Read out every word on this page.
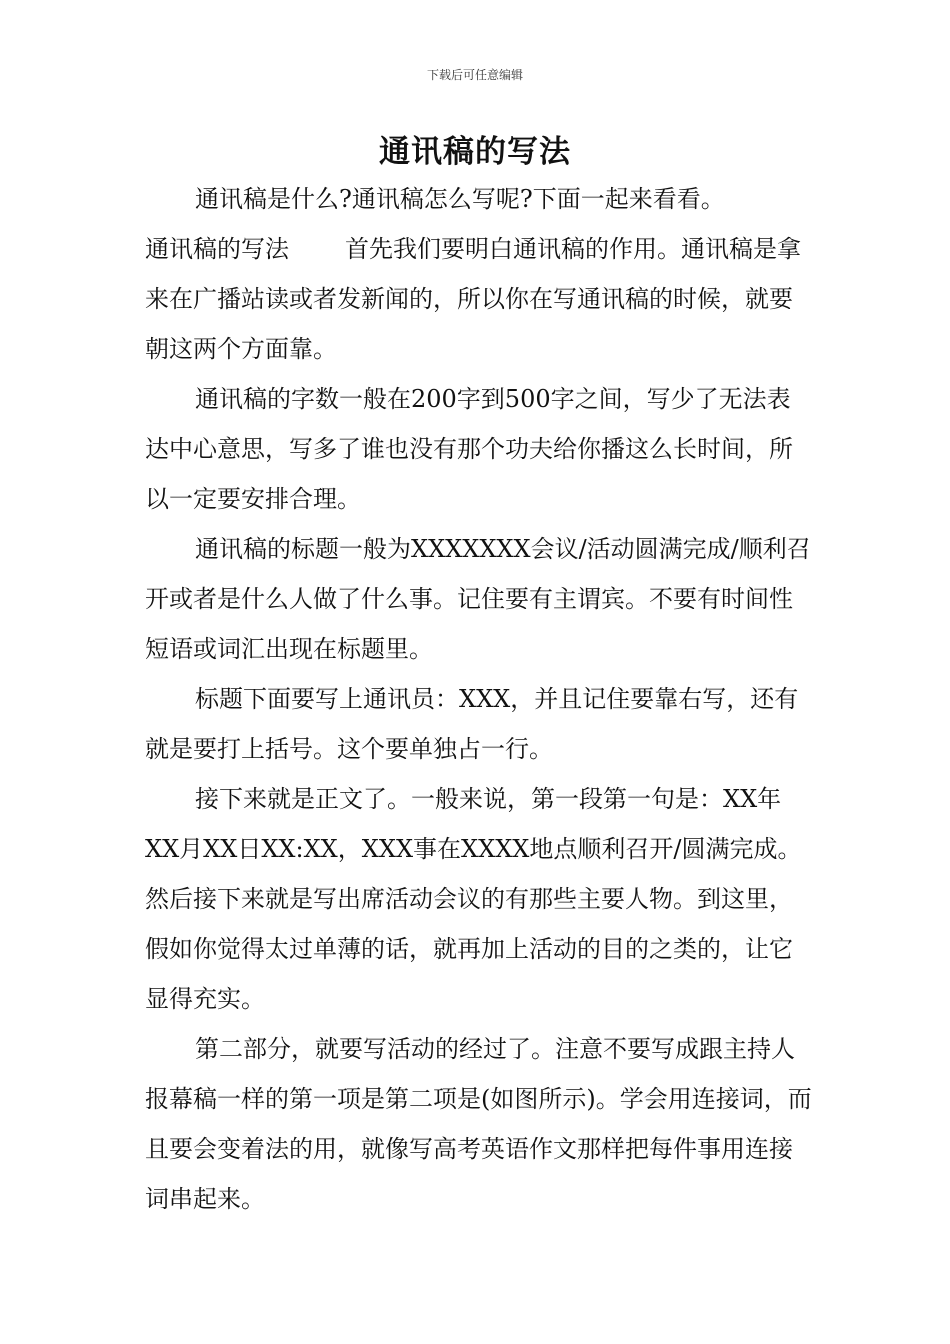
下载后可任意编辑
通讯稿的写法

通讯稿是什么?通讯稿怎么写呢?下面一起来看看。

通讯稿的写法 首先我们要明白通讯稿的作用。通讯稿是拿来在广播站读或者发新闻的，所以你在写通讯稿的时候，就要朝这两个方面靠。

通讯稿的字数一般在200字到500字之间，写少了无法表达中心意思，写多了谁也没有那个功夫给你播这么长时间，所以一定要安排合理。

通讯稿的标题一般为XXXXXXX会议/活动圆满完成/顺利召开或者是什么人做了什么事。记住要有主谓宾。不要有时间性短语或词汇出现在标题里。

标题下面要写上通讯员：XXX，并且记住要靠右写，还有就是要打上括号。这个要单独占一行。

接下来就是正文了。一般来说，第一段第一句是：XX年XX月XX日XX:XX，XXX事在XXXX地点顺利召开/圆满完成。然后接下来就是写出席活动会议的有那些主要人物。到这里，假如你觉得太过单薄的话，就再加上活动的目的之类的，让它显得充实。

第二部分，就要写活动的经过了。注意不要写成跟主持人报幕稿一样的第一项是第二项是(如图所示)。学会用连接词，而且要会变着法的用，就像写高考英语作文那样把每件事用连接词串起来。
